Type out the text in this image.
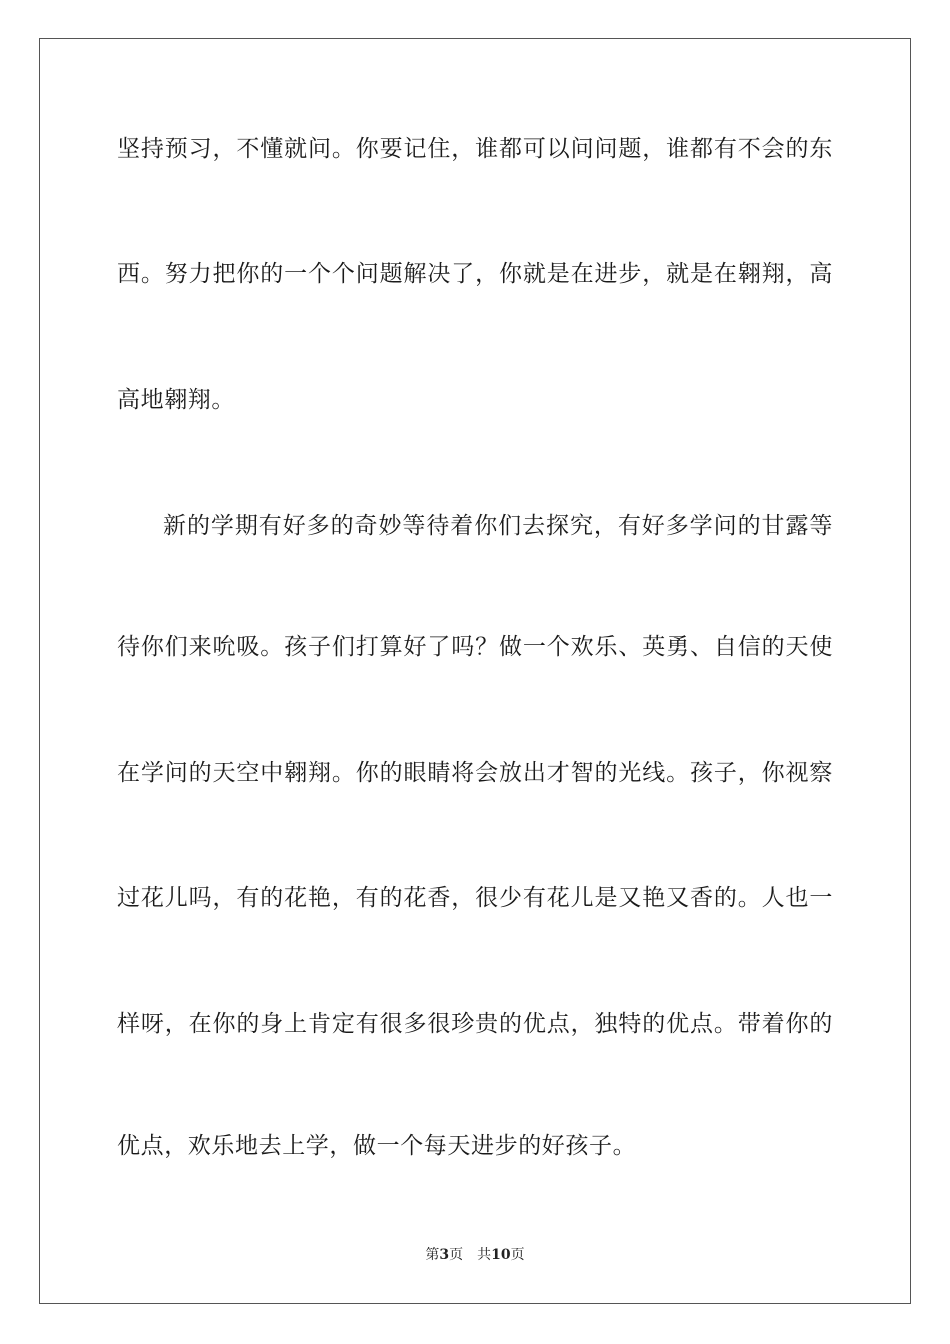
坚持预习，不懂就问。你要记住，谁都可以问问题，谁都有不会的东
西。努力把你的一个个问题解决了，你就是在进步，就是在翱翔，高
高地翱翔。
新的学期有好多的奇妙等待着你们去探究，有好多学问的甘露等
待你们来吮吸。孩子们打算好了吗？做一个欢乐、英勇、自信的天使
在学问的天空中翱翔。你的眼睛将会放出才智的光线。孩子，你视察
过花儿吗，有的花艳，有的花香，很少有花儿是又艳又香的。人也一
样呀，在你的身上肯定有很多很珍贵的优点，独特的优点。带着你的
优点，欢乐地去上学，做一个每天进步的好孩子。
第3页 共10页
